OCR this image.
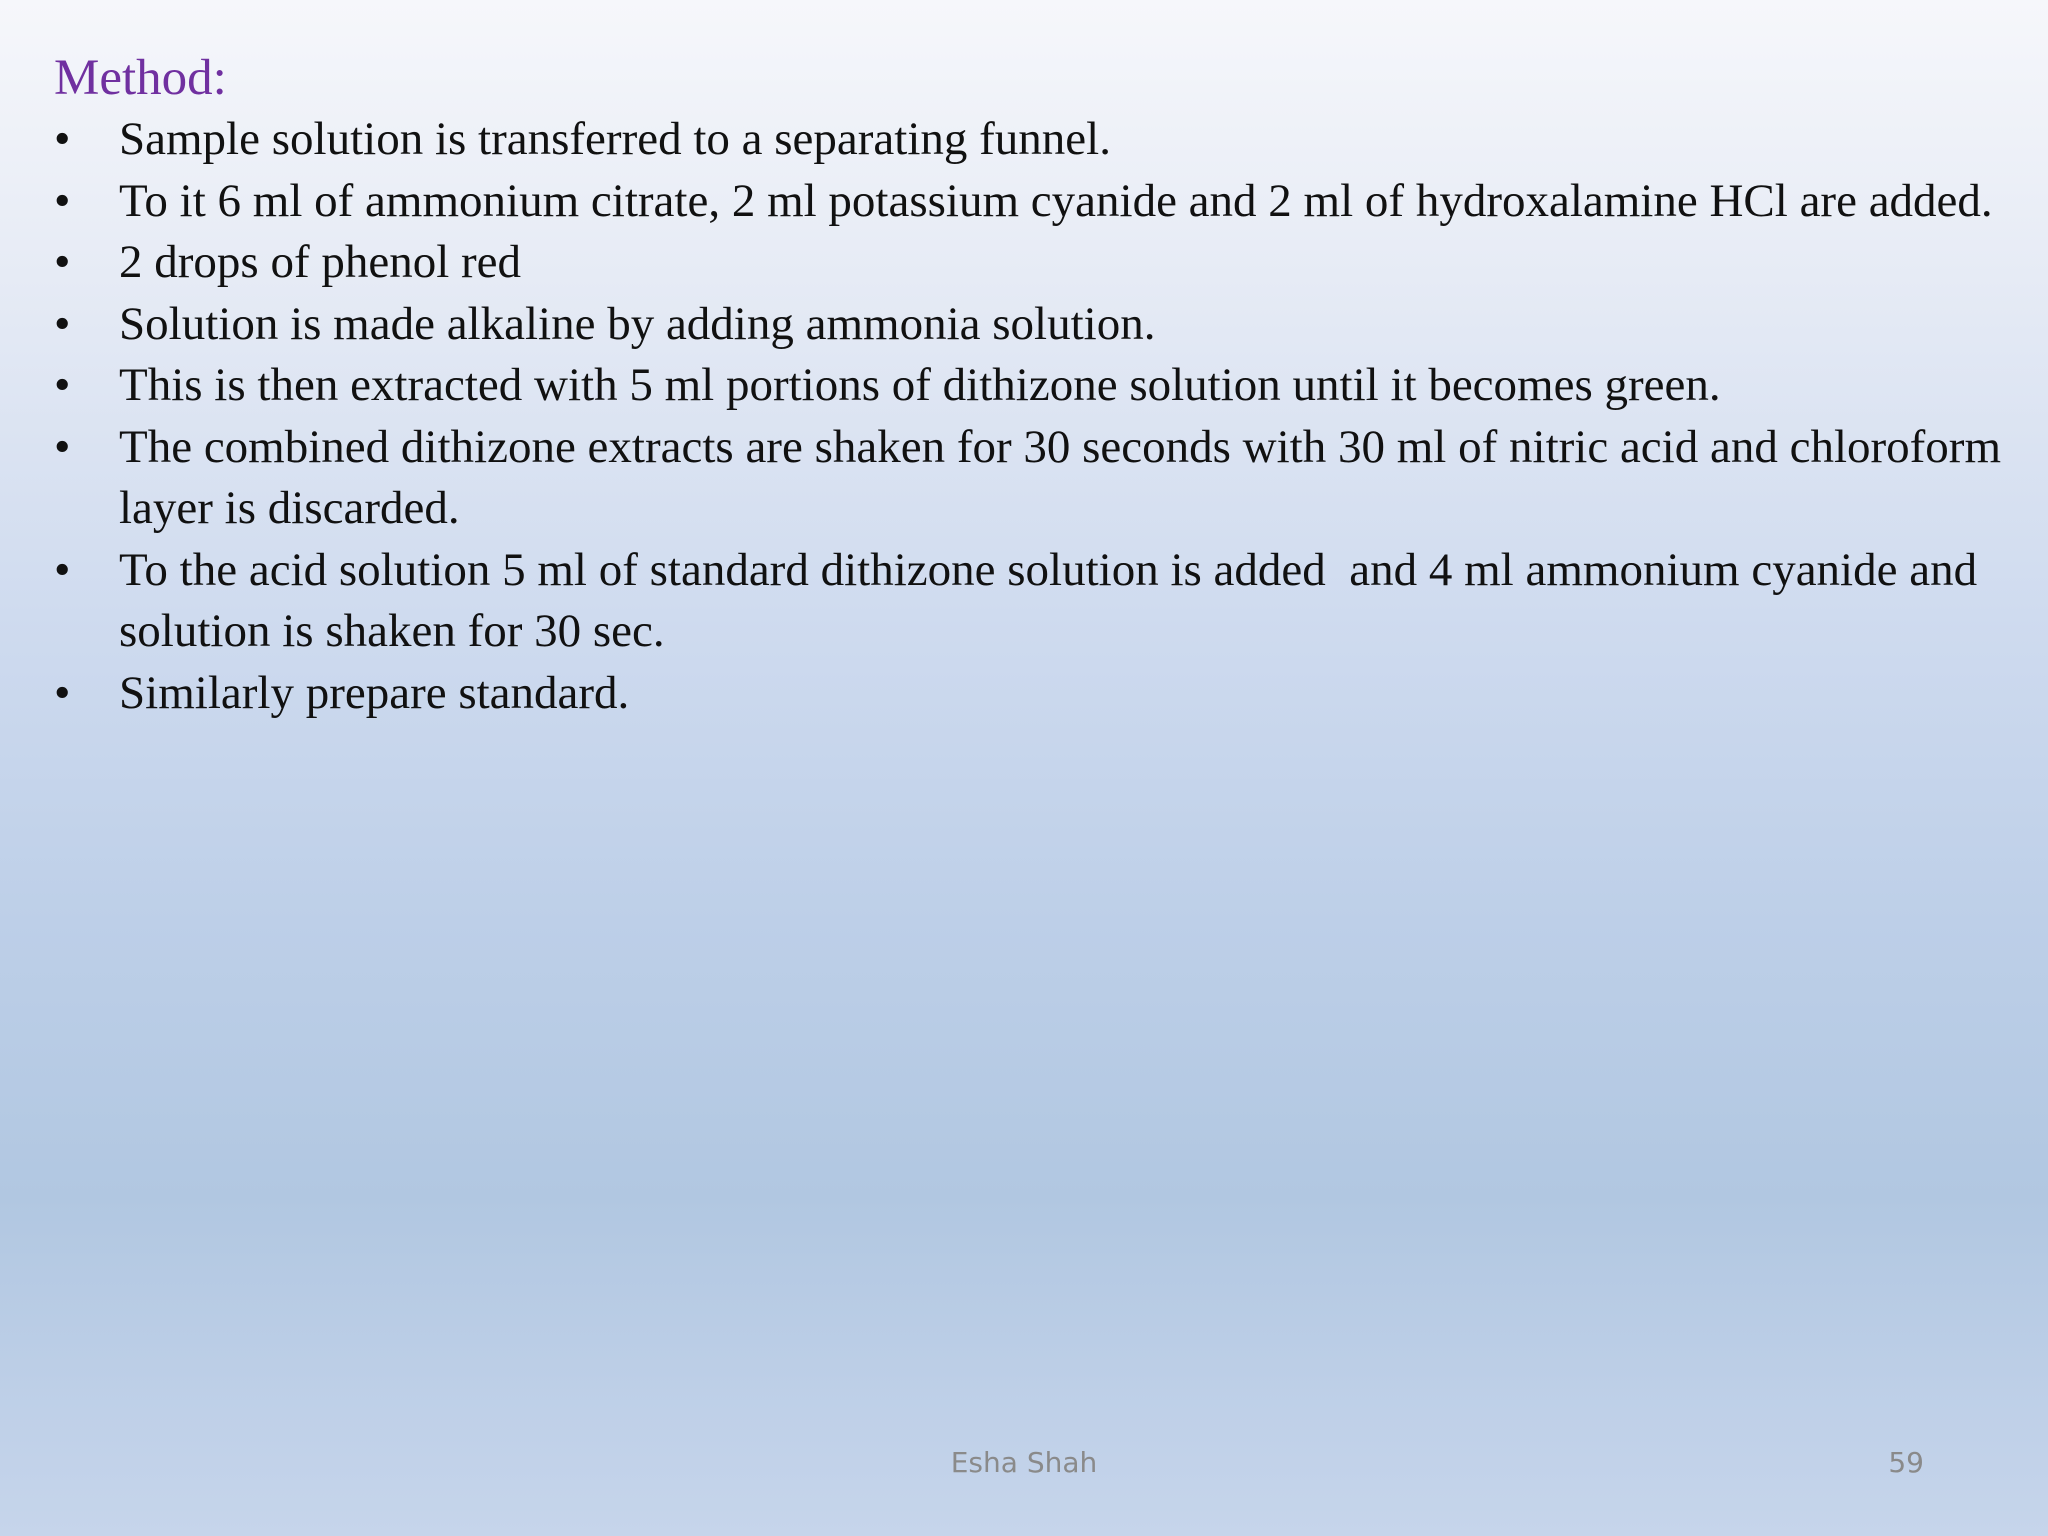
Method:
•	Sample solution is transferred to a separating funnel.
•	To it 6 ml of ammonium citrate, 2 ml potassium cyanide and 2 ml of hydroxalamine HCl are added.
•	2 drops of phenol red
•	Solution is made alkaline by adding ammonia solution.
•	This is then extracted with 5 ml portions of dithizone solution until it becomes green.
•	The combined dithizone extracts are shaken for 30 seconds with 30 ml of nitric acid and chloroform layer is discarded.
•	To the acid solution 5 ml of standard dithizone solution is added  and 4 ml ammonium cyanide and solution is shaken for 30 sec.
•	Similarly prepare standard.
Esha Shah	59
